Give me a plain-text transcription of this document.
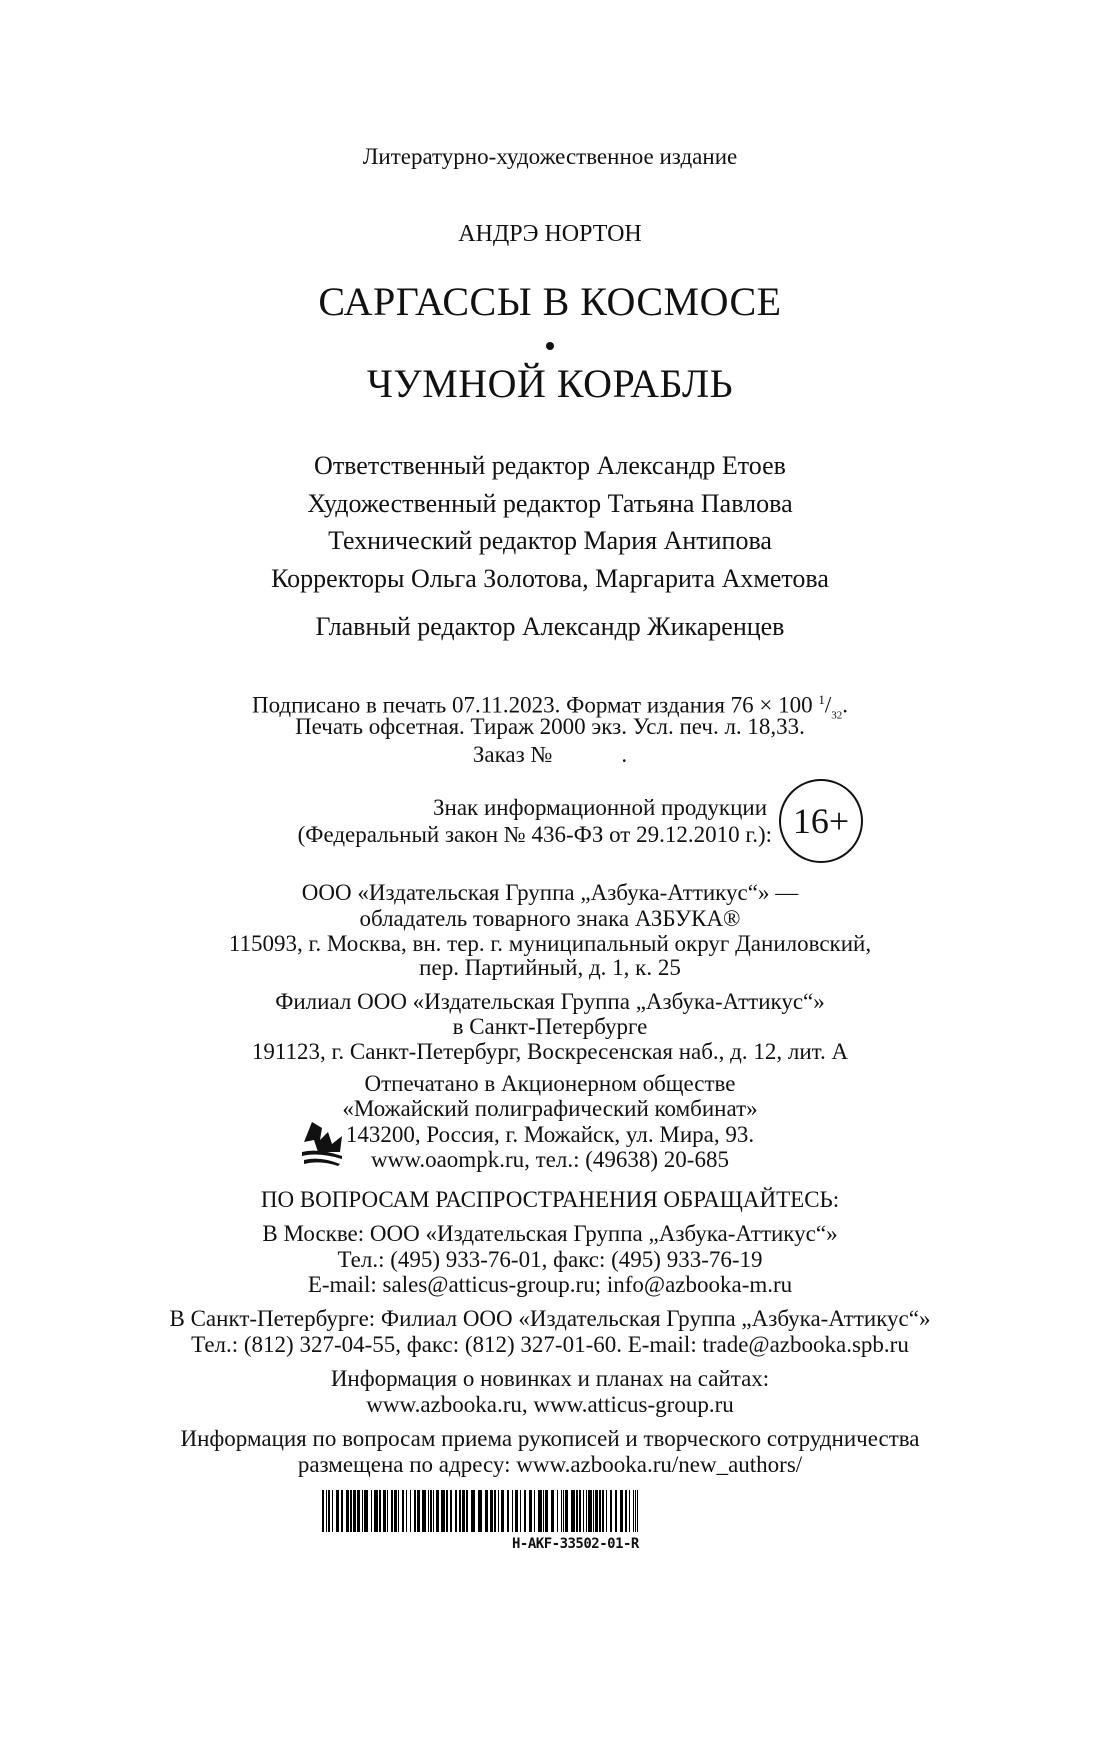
Литературно-художественное издание
АНДРЭ НОРТОН
САРГАССЫ В КОСМОСЕ
ЧУМНОЙ КОРАБЛЬ
Ответственный редактор Александр Етоев
Художественный редактор Татьяна Павлова
Технический редактор Мария Антипова
Корректоры Ольга Золотова, Маргарита Ахметова
Главный редактор Александр Жикаренцев
Подписано в печать 07.11.2023. Формат издания 76 × 100 $^1/_{32}$.
Печать офсетная. Тираж 2000 экз. Усл. печ. л. 18,33.
Заказ №            .
Знак информационной продукции
(Федеральный закон № 436-ФЗ от 29.12.2010 г.): 16+
ООО «Издательская Группа „Азбука-Аттикус“» —
обладатель товарного знака АЗБУКА®
115093, г. Москва, вн. тер. г. муниципальный округ Даниловский,
пер. Партийный, д. 1, к. 25
Филиал ООО «Издательская Группа „Азбука-Аттикус“»
в Санкт-Петербурге
191123, г. Санкт-Петербург, Воскресенская наб., д. 12, лит. А
Отпечатано в Акционерном обществе
«Можайский полиграфический комбинат»
143200, Россия, г. Можайск, ул. Мира, 93.
www.oaompk.ru, тел.: (49638) 20-685
ПО ВОПРОСАМ РАСПРОСТРАНЕНИЯ ОБРАЩАЙТЕСЬ:
В Москве: ООО «Издательская Группа „Азбука-Аттикус“»
Тел.: (495) 933-76-01, факс: (495) 933-76-19
E-mail: sales@atticus-group.ru; info@azbooka-m.ru
В Санкт-Петербурге: Филиал ООО «Издательская Группа „Азбука-Аттикус“»
Тел.: (812) 327-04-55, факс: (812) 327-01-60. E-mail: trade@azbooka.spb.ru
Информация о новинках и планах на сайтах:
www.azbooka.ru, www.atticus-group.ru
Информация по вопросам приема рукописей и творческого сотрудничества
размещена по адресу: www.azbooka.ru/new_authors/
H-AKF-33502-01-R
